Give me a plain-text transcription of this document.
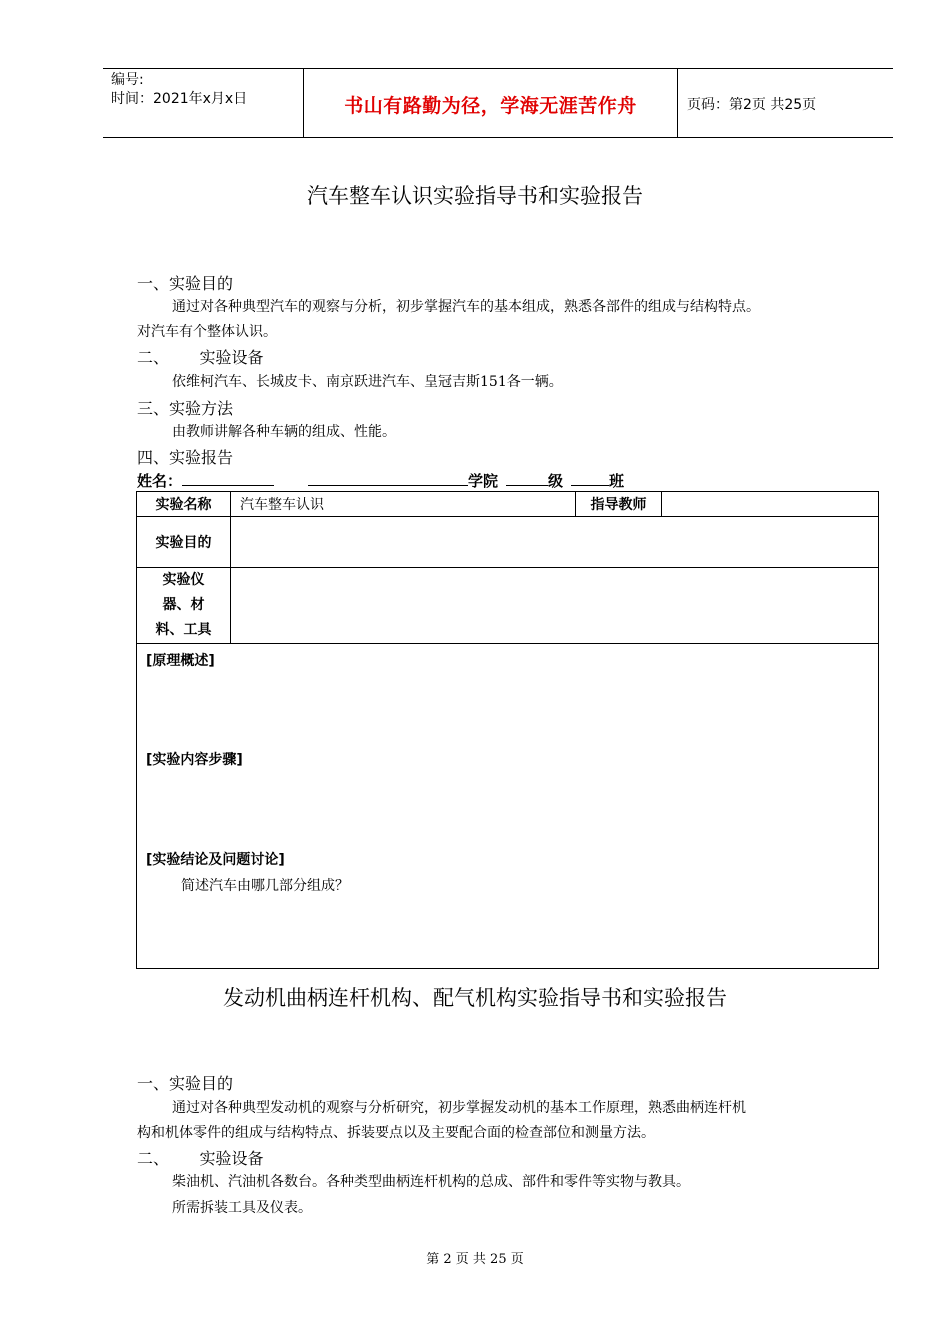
编号:
时间：2021年x月x日	书山有路勤为径，学海无涯苦作舟	页码：第2页 共25页
汽车整车认识实验指导书和实验报告
一、实验目的
通过对各种典型汽车的观察与分析，初步掌握汽车的基本组成，熟悉各部件的组成与结构特点。
对汽车有个整体认识。
二、      实验设备
依维柯汽车、长城皮卡、南京跃进汽车、皇冠吉斯151各一辆。
三、实验方法
由教师讲解各种车辆的组成、性能。
四、实验报告
姓名：	学院	级	班
实验名称	汽车整车认识	指导教师	
实验目的			

实验仪
器、材
料、工具			

[原理概述]
[实验内容步骤]
[实验结论及问题讨论]
简述汽车由哪几部分组成？			
发动机曲柄连杆机构、配气机构实验指导书和实验报告
一、实验目的
通过对各种典型发动机的观察与分析研究，初步掌握发动机的基本工作原理，熟悉曲柄连杆机
构和机体零件的组成与结构特点、拆装要点以及主要配合面的检查部位和测量方法。
二、      实验设备
柴油机、汽油机各数台。各种类型曲柄连杆机构的总成、部件和零件等实物与教具。
所需拆装工具及仪表。
第 2 页 共 25 页
